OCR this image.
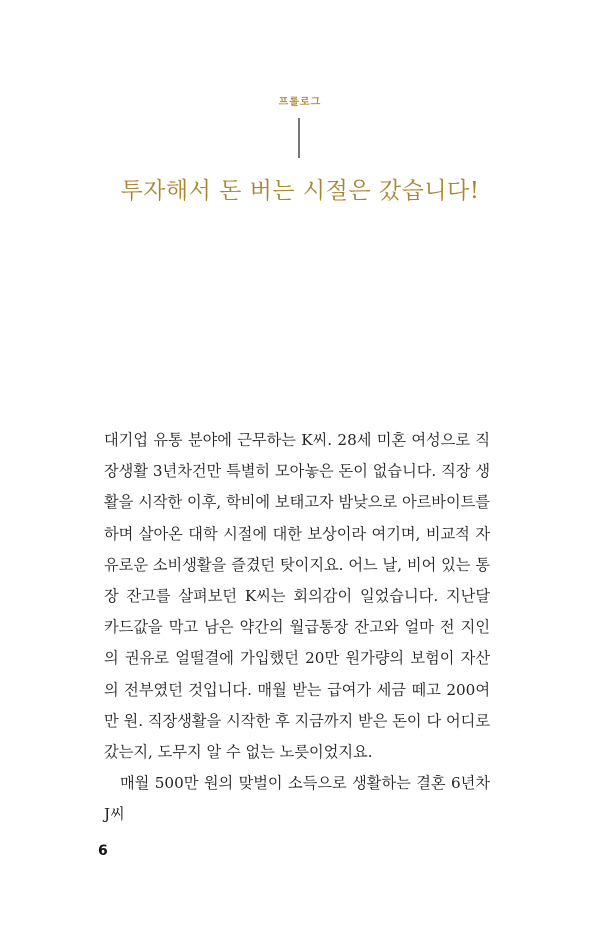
프롤로그
투자해서 돈 버는 시절은 갔습니다!

대기업 유통 분야에 근무하는 K씨. 28세 미혼 여성으로 직장생활 3년차건만 특별히 모아놓은 돈이 없습니다. 직장 생활을 시작한 이후, 학비에 보태고자 밤낮으로 아르바이트를 하며 살아온 대학 시절에 대한 보상이라 여기며, 비교적 자유로운 소비생활을 즐겼던 탓이지요. 어느 날, 비어 있는 통장 잔고를 살펴보던 K씨는 회의감이 일었습니다. 지난달 카드값을 막고 남은 약간의 월급통장 잔고와 얼마 전 지인의 권유로 얼떨결에 가입했던 20만 원가량의 보험이 자산의 전부였던 것입니다. 매월 받는 급여가 세금 떼고 200여 만 원. 직장생활을 시작한 후 지금까지 받은 돈이 다 어디로 갔는지, 도무지 알 수 없는 노릇이었지요.

매월 500만 원의 맞벌이 소득으로 생활하는 결혼 6년차 J씨

6
